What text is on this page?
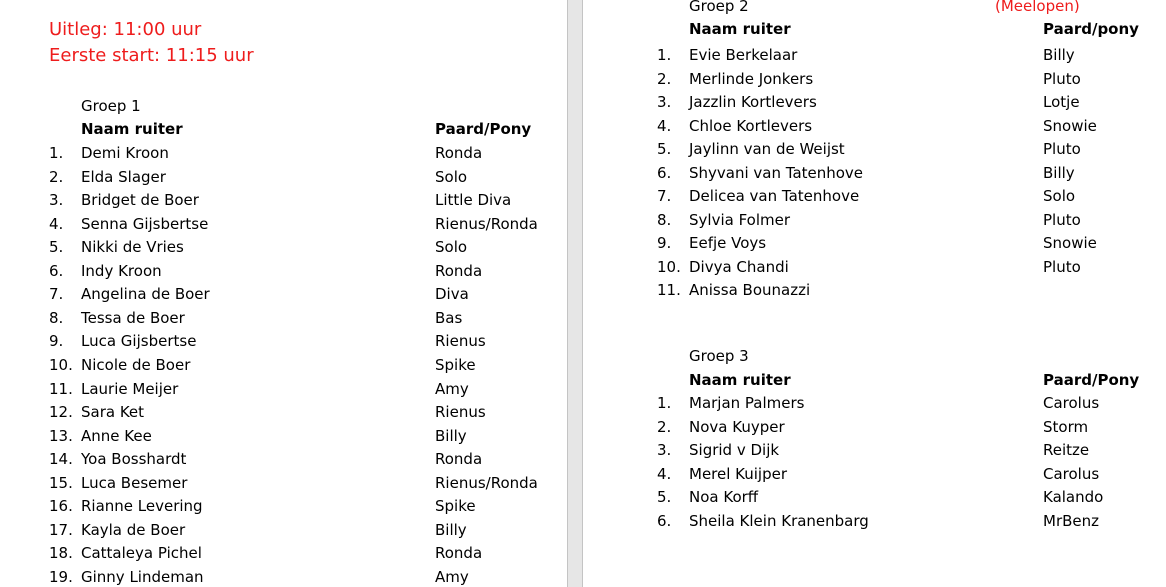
Uitleg: 11:00 uur
Eerste start: 11:15 uur
Groep 1
Naam ruiter	Paard/Pony
1. Demi Kroon	Ronda
2. Elda Slager	Solo
3. Bridget de Boer	Little Diva
4. Senna Gijsbertse	Rienus/Ronda
5. Nikki de Vries	Solo
6. Indy Kroon	Ronda
7. Angelina de Boer	Diva
8. Tessa de Boer	Bas
9. Luca Gijsbertse	Rienus
10. Nicole de Boer	Spike
11. Laurie Meijer	Amy
12. Sara Ket	Rienus
13. Anne Kee	Billy
14. Yoa Bosshardt	Ronda
15. Luca Besemer	Rienus/Ronda
16. Rianne Levering	Spike
17. Kayla de Boer	Billy
18. Cattaleya Pichel	Ronda
19. Ginny Lindeman	Amy
Groep 2	(Meelopen)
Naam ruiter	Paard/pony
1. Evie Berkelaar	Billy
2. Merlinde Jonkers	Pluto
3. Jazzlin Kortlevers	Lotje
4. Chloe Kortlevers	Snowie
5. Jaylinn van de Weijst	Pluto
6. Shyvani van Tatenhove	Billy
7. Delicea van Tatenhove	Solo
8. Sylvia Folmer	Pluto
9. Eefje Voys	Snowie
10. Divya Chandi	Pluto
11. Anissa Bounazzi
Groep 3
Naam ruiter	Paard/Pony
1. Marjan Palmers	Carolus
2. Nova Kuyper	Storm
3. Sigrid v Dijk	Reitze
4. Merel Kuijper	Carolus
5. Noa Korff	Kalando
6. Sheila Klein Kranenbarg	MrBenz
